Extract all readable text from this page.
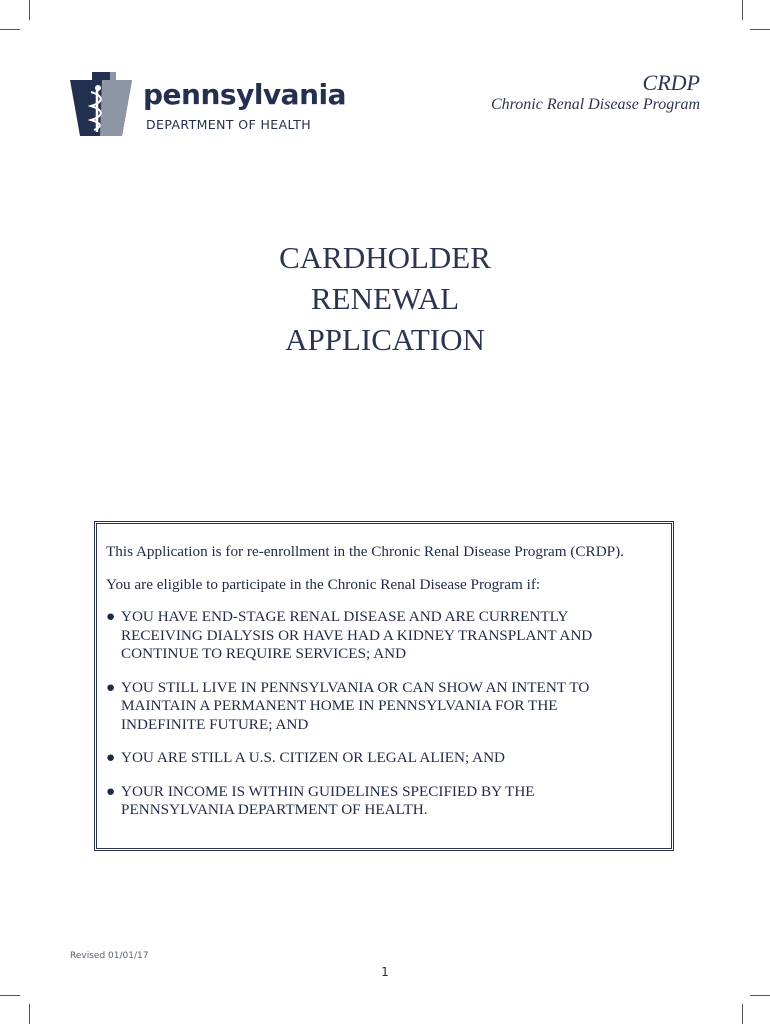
pennsylvania
DEPARTMENT OF HEALTH
CRDP
Chronic Renal Disease Program
CARDHOLDER
RENEWAL
APPLICATION

This Application is for re-enrollment in the Chronic Renal Disease Program (CRDP).

You are eligible to participate in the Chronic Renal Disease Program if:

● YOU HAVE END-STAGE RENAL DISEASE AND ARE CURRENTLY
RECEIVING DIALYSIS OR HAVE HAD A KIDNEY TRANSPLANT AND
CONTINUE TO REQUIRE SERVICES; AND
● YOU STILL LIVE IN PENNSYLVANIA OR CAN SHOW AN INTENT TO
MAINTAIN A PERMANENT HOME IN PENNSYLVANIA FOR THE
INDEFINITE FUTURE; AND
● YOU ARE STILL A U.S. CITIZEN OR LEGAL ALIEN; AND
● YOUR INCOME IS WITHIN GUIDELINES SPECIFIED BY THE
PENNSYLVANIA DEPARTMENT OF HEALTH.
Revised 01/01/17
1
